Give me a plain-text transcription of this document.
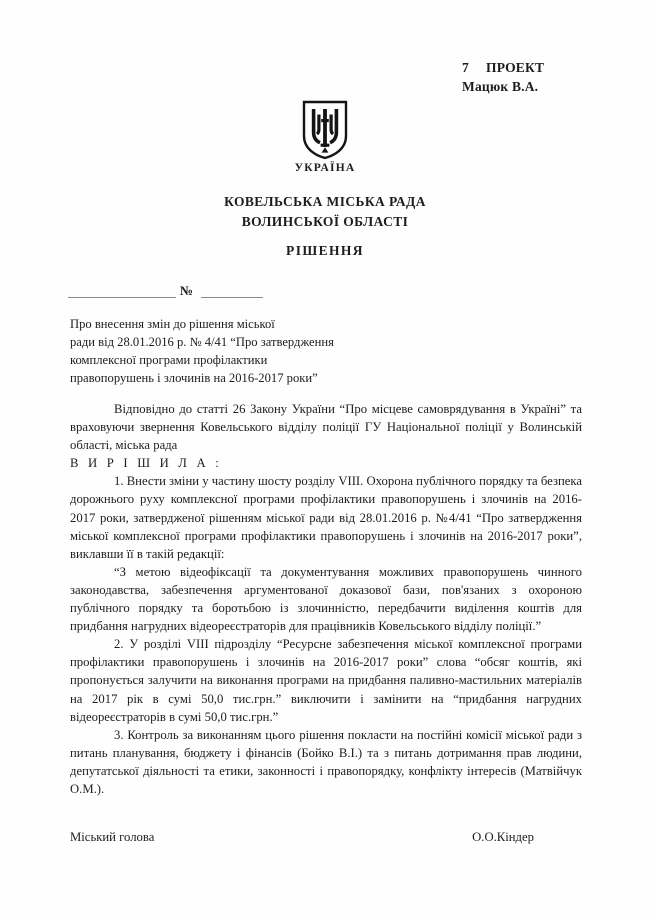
7 ПРОЕКТ
Мацюк В.А.
УКРАЇНА
КОВЕЛЬСЬКА МІСЬКА РАДА
ВОЛИНСЬКОЇ ОБЛАСТІ
РІШЕННЯ
№
Про внесення змін до рішення міської
ради від 28.01.2016 р. № 4/41 “Про затвердження
комплексної програми профілактики
правопорушень і злочинів на 2016-2017 роки”

Відповідно до статті 26 Закону України “Про місцеве самоврядування в Україні” та враховуючи звернення Ковельського відділу поліції ГУ Національної поліції у Волинській області, міська рада

В И Р І Ш И Л А :

1. Внести зміни у частину шосту розділу VIII. Охорона публічного порядку та безпека дорожнього руху комплексної програми профілактики правопорушень і злочинів на 2016-2017 роки, затвердженої рішенням міської ради від 28.01.2016 р. №4/41 “Про затвердження міської комплексної програми профілактики правопорушень і злочинів на 2016-2017 роки”, виклавши її в такій редакції:

“З метою відеофіксації та документування можливих правопорушень чинного законодавства, забезпечення аргументованої доказової бази, пов'язаних з охороною публічного порядку та боротьбою із злочинністю, передбачити виділення коштів для придбання нагрудних відеореєстраторів для працівників Ковельського відділу поліції.”

2. У розділі VIII підрозділу “Ресурсне забезпечення міської комплексної програми профілактики правопорушень і злочинів на 2016-2017 роки” слова “обсяг коштів, які пропонується залучити на виконання програми на придбання паливно-мастильних матеріалів на 2017 рік в сумі 50,0 тис.грн.” виключити і замінити на “придбання нагрудних відеореєстраторів в сумі 50,0 тис.грн.”

3. Контроль за виконанням цього рішення покласти на постійні комісії міської ради з питань планування, бюджету і фінансів (Бойко В.І.) та з питань дотримання прав людини, депутатської діяльності та етики, законності і правопорядку, конфлікту інтересів (Матвійчук О.М.).

Міський голова	О.О.Кіндер
